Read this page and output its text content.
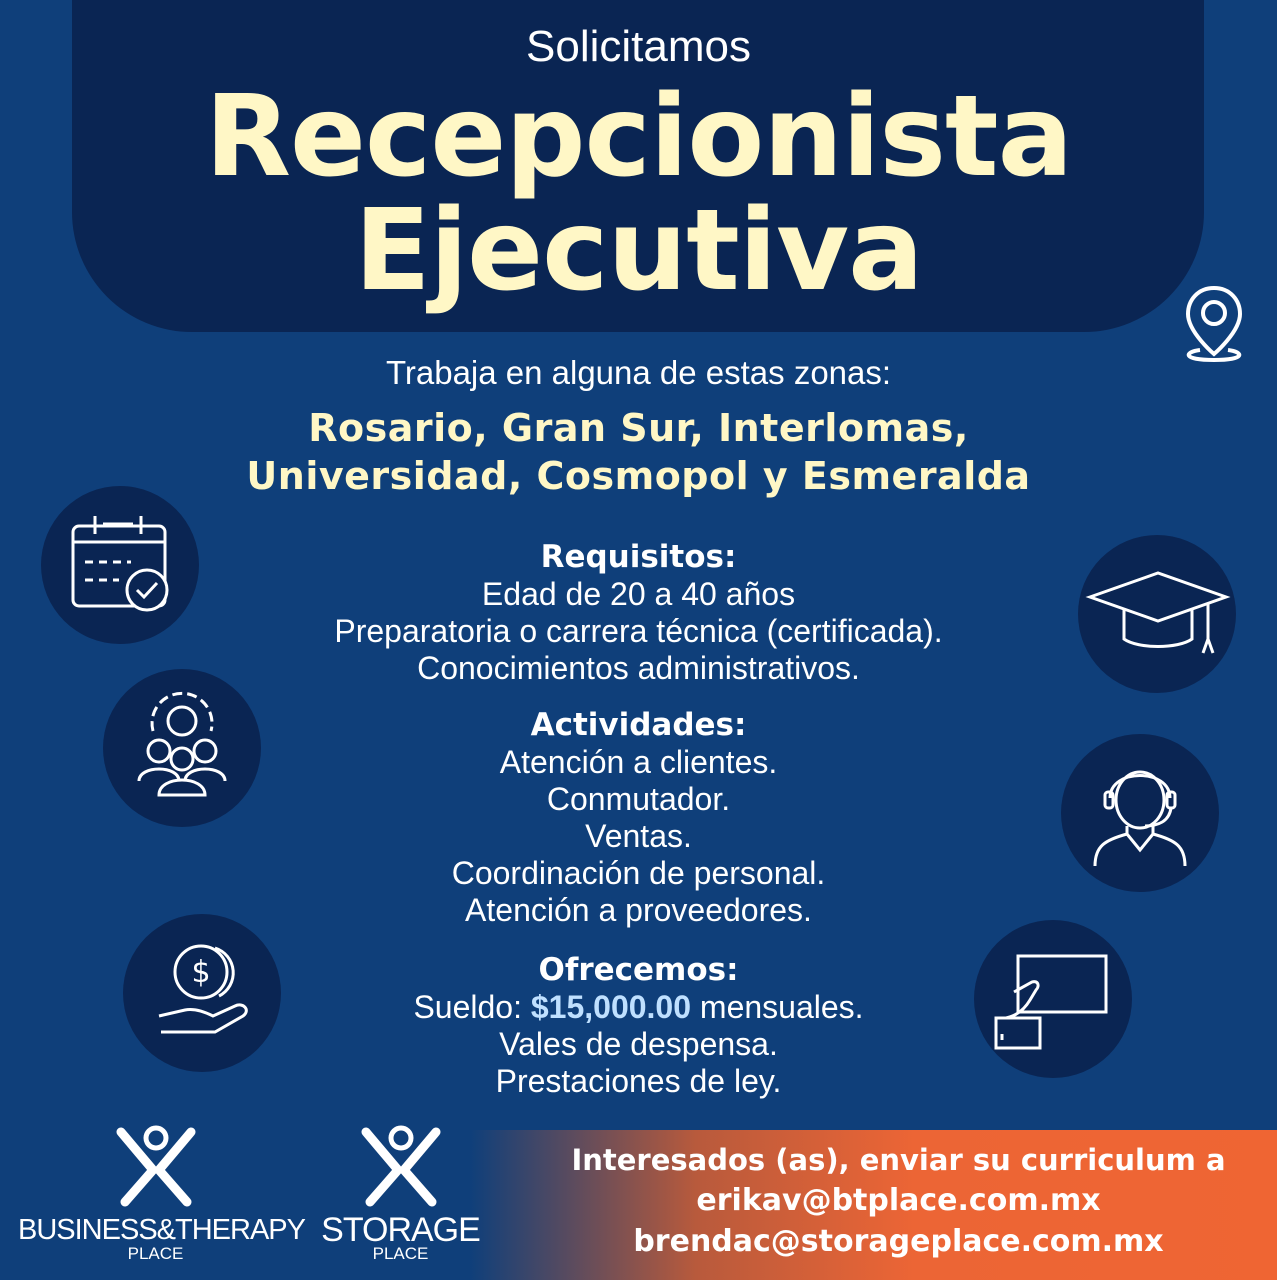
Solicitamos
Recepcionista
Ejecutiva
Trabaja en alguna de estas zonas:
Rosario, Gran Sur, Interlomas,
Universidad, Cosmopol y Esmeralda
Requisitos:

Edad de 20 a 40 años

Preparatoria o carrera técnica (certificada).

Conocimientos administrativos.

Actividades:

Atención a clientes.

Conmutador.

Ventas.

Coordinación de personal.

Atención a proveedores.

Ofrecemos:

Sueldo: $15,000.00 mensuales.

Vales de despensa.

Prestaciones de ley.

$
Interesados (as), enviar su curriculum a
erikav@btplace.com.mx
brendac@storageplace.com.mx
BUSINESS&THERAPY
PLACE
STORAGE
PLACE
